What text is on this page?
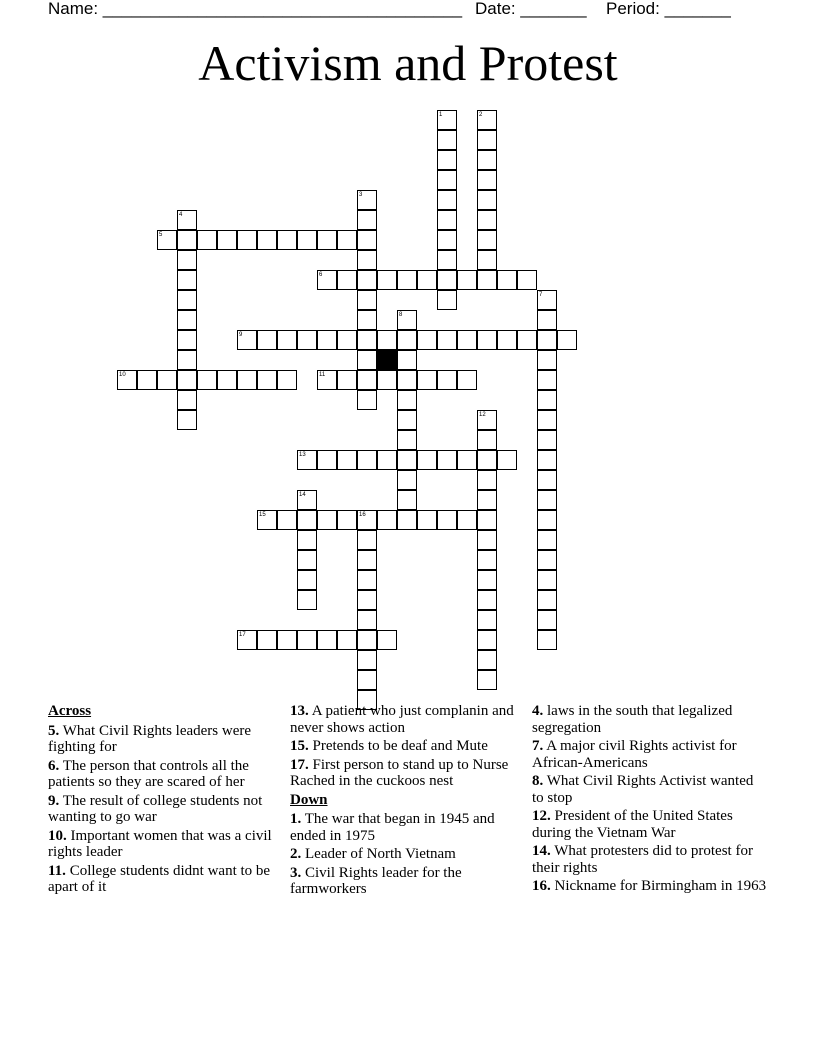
Name: ______________________________________ Date: _______ Period: _______
Activism and Protest
1	2
3
4
5
6
7
8
9
10	11
12
13
14
15	16
17
Across
5. What Civil Rights leaders were fighting for
6. The person that controls all the patients so they are scared of her
9. The result of college students not wanting to go war
10. Important women that was a civil rights leader
11. College students didnt want to be apart of it
13. A patient who just complanin and never shows action
15. Pretends to be deaf and Mute
17. First person to stand up to Nurse Rached in the cuckoos nest
Down
1. The war that began in 1945 and ended in 1975
2. Leader of North Vietnam
3. Civil Rights leader for the farmworkers
4. laws in the south that legalized segregation
7. A major civil Rights activist for African-Americans
8. What Civil Rights Activist wanted to stop
12. President of the United States during the Vietnam War
14. What protesters did to protest for their rights
16. Nickname for Birmingham in 1963
